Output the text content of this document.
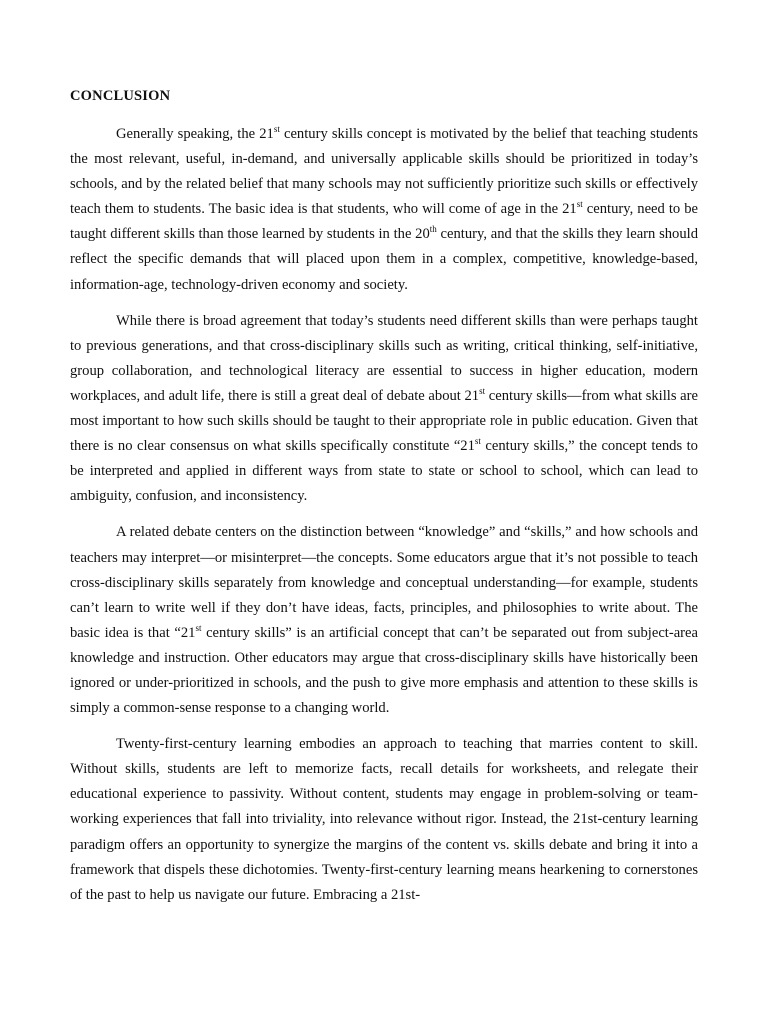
CONCLUSION

Generally speaking, the 21st century skills concept is motivated by the belief that teaching students the most relevant, useful, in-demand, and universally applicable skills should be prioritized in today’s schools, and by the related belief that many schools may not sufficiently prioritize such skills or effectively teach them to students. The basic idea is that students, who will come of age in the 21st century, need to be taught different skills than those learned by students in the 20th century, and that the skills they learn should reflect the specific demands that will placed upon them in a complex, competitive, knowledge-based, information-age, technology-driven economy and society.

While there is broad agreement that today’s students need different skills than were perhaps taught to previous generations, and that cross-disciplinary skills such as writing, critical thinking, self-initiative, group collaboration, and technological literacy are essential to success in higher education, modern workplaces, and adult life, there is still a great deal of debate about 21st century skills—from what skills are most important to how such skills should be taught to their appropriate role in public education. Given that there is no clear consensus on what skills specifically constitute “21st century skills,” the concept tends to be interpreted and applied in different ways from state to state or school to school, which can lead to ambiguity, confusion, and inconsistency.

A related debate centers on the distinction between “knowledge” and “skills,” and how schools and teachers may interpret—or misinterpret—the concepts. Some educators argue that it’s not possible to teach cross-disciplinary skills separately from knowledge and conceptual understanding—for example, students can’t learn to write well if they don’t have ideas, facts, principles, and philosophies to write about. The basic idea is that “21st century skills” is an artificial concept that can’t be separated out from subject-area knowledge and instruction. Other educators may argue that cross-disciplinary skills have historically been ignored or under-prioritized in schools, and the push to give more emphasis and attention to these skills is simply a common-sense response to a changing world.

Twenty-first-century learning embodies an approach to teaching that marries content to skill. Without skills, students are left to memorize facts, recall details for worksheets, and relegate their educational experience to passivity. Without content, students may engage in problem-solving or team-working experiences that fall into triviality, into relevance without rigor. Instead, the 21st-century learning paradigm offers an opportunity to synergize the margins of the content vs. skills debate and bring it into a framework that dispels these dichotomies. Twenty-first-century learning means hearkening to cornerstones of the past to help us navigate our future. Embracing a 21st-
